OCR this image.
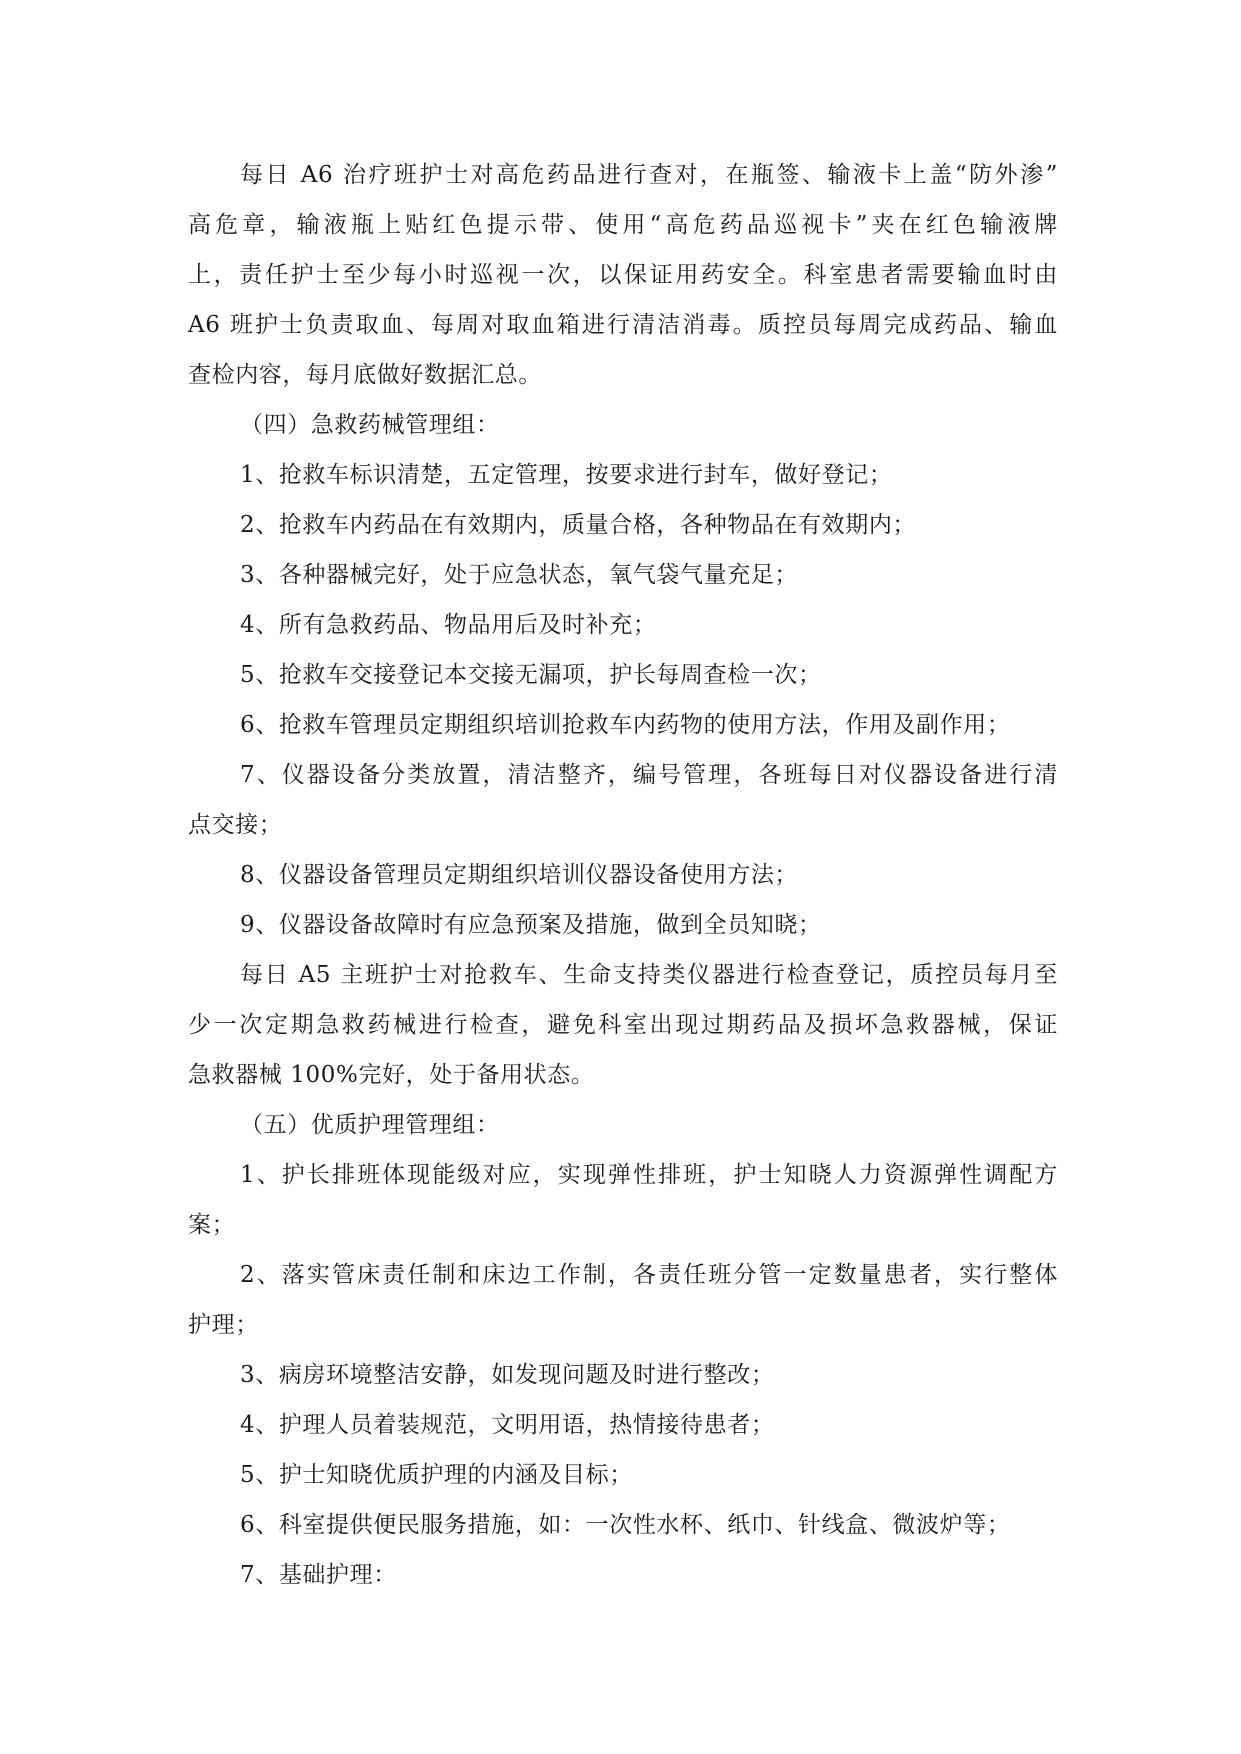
每日 A6 治疗班护士对高危药品进行查对，在瓶签、输液卡上盖“防外渗”
高危章，输液瓶上贴红色提示带、使用“高危药品巡视卡”夹在红色输液牌
上，责任护士至少每小时巡视一次，以保证用药安全。科室患者需要输血时由
A6 班护士负责取血、每周对取血箱进行清洁消毒。质控员每周完成药品、输血
查检内容，每月底做好数据汇总。
（四）急救药械管理组：
1、抢救车标识清楚，五定管理，按要求进行封车，做好登记；
2、抢救车内药品在有效期内，质量合格，各种物品在有效期内；
3、各种器械完好，处于应急状态，氧气袋气量充足；
4、所有急救药品、物品用后及时补充；
5、抢救车交接登记本交接无漏项，护长每周查检一次；
6、抢救车管理员定期组织培训抢救车内药物的使用方法，作用及副作用；
7、仪器设备分类放置，清洁整齐，编号管理，各班每日对仪器设备进行清
点交接；
8、仪器设备管理员定期组织培训仪器设备使用方法；
9、仪器设备故障时有应急预案及措施，做到全员知晓；
每日 A5 主班护士对抢救车、生命支持类仪器进行检查登记，质控员每月至
少一次定期急救药械进行检查，避免科室出现过期药品及损坏急救器械，保证
急救器械 100%完好，处于备用状态。
（五）优质护理管理组：
1、护长排班体现能级对应，实现弹性排班，护士知晓人力资源弹性调配方
案；
2、落实管床责任制和床边工作制，各责任班分管一定数量患者，实行整体
护理；
3、病房环境整洁安静，如发现问题及时进行整改；
4、护理人员着装规范，文明用语，热情接待患者；
5、护士知晓优质护理的内涵及目标；
6、科室提供便民服务措施，如：一次性水杯、纸巾、针线盒、微波炉等；
7、基础护理：
